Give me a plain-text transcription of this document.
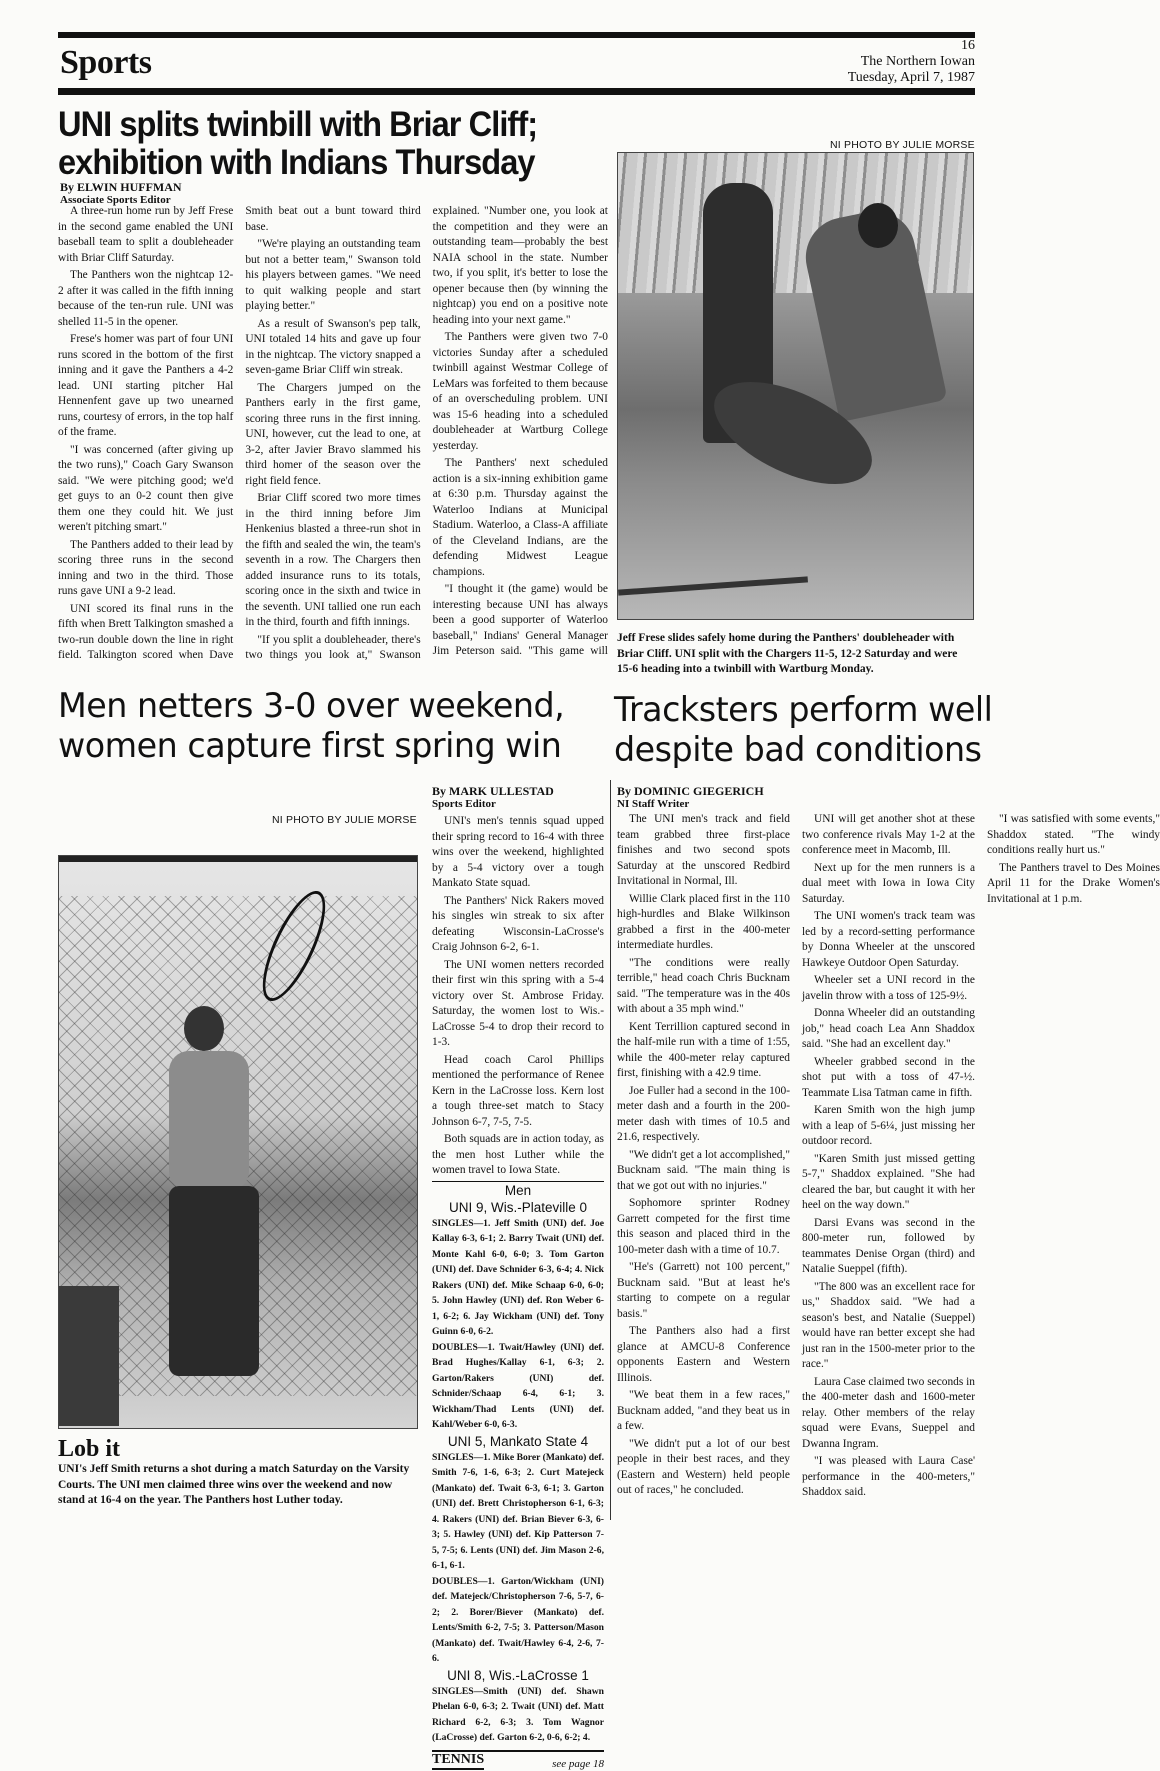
Sports	16
The Northern Iowan
Tuesday, April 7, 1987
UNI splits twinbill with Briar Cliff;
exhibition with Indians Thursday
By ELWIN HUFFMAN
Associate Sports Editor

A three-run home run by Jeff Frese in the second game enabled the UNI baseball team to split a doubleheader with Briar Cliff Saturday.

The Panthers won the nightcap 12-2 after it was called in the fifth inning because of the ten-run rule. UNI was shelled 11-5 in the opener.

Frese's homer was part of four UNI runs scored in the bottom of the first inning and it gave the Panthers a 4-2 lead. UNI starting pitcher Hal Hennenfent gave up two unearned runs, courtesy of errors, in the top half of the frame.

"I was concerned (after giving up the two runs)," Coach Gary Swanson said. "We were pitching good; we'd get guys to an 0-2 count then give them one they could hit. We just weren't pitching smart."

The Panthers added to their lead by scoring three runs in the second inning and two in the third. Those runs gave UNI a 9-2 lead.

UNI scored its final runs in the fifth when Brett Talkington smashed a two-run double down the line in right field. Talkington scored when Dave Smith beat out a bunt toward third base.

"We're playing an outstanding team but not a better team," Swanson told his players between games. "We need to quit walking people and start playing better."

As a result of Swanson's pep talk, UNI totaled 14 hits and gave up four in the nightcap. The victory snapped a seven-game Briar Cliff win streak.

The Chargers jumped on the Panthers early in the first game, scoring three runs in the first inning. UNI, however, cut the lead to one, at 3-2, after Javier Bravo slammed his third homer of the season over the right field fence.

Briar Cliff scored two more times in the third inning before Jim Henkenius blasted a three-run shot in the fifth and sealed the win, the team's seventh in a row. The Chargers then added insurance runs to its totals, scoring once in the sixth and twice in the seventh. UNI tallied one run each in the third, fourth and fifth innings.

"If you split a doubleheader, there's two things you look at," Swanson explained. "Number one, you look at the competition and they were an outstanding team—probably the best NAIA school in the state. Number two, if you split, it's better to lose the opener because then (by winning the nightcap) you end on a positive note heading into your next game."

The Panthers were given two 7-0 victories Sunday after a scheduled twinbill against Westmar College of LeMars was forfeited to them because of an overscheduling problem. UNI was 15-6 heading into a scheduled doubleheader at Wartburg College yesterday.

The Panthers' next scheduled action is a six-inning exhibition game at 6:30 p.m. Thursday against the Waterloo Indians at Municipal Stadium. Waterloo, a Class-A affiliate of the Cleveland Indians, are the defending Midwest League champions.

"I thought it (the game) would be interesting because UNI has always been a good supporter of Waterloo baseball," Indians' General Manager Jim Peterson said. "This game will

NI PHOTO BY JULIE MORSE
Jeff Frese slides safely home during the Panthers' doubleheader with Briar Cliff. UNI split with the Chargers 11-5, 12-2 Saturday and were 15-6 heading into a twinbill with Wartburg Monday.
Men netters 3-0 over weekend,
women capture first spring win
NI PHOTO BY JULIE MORSE
Lob it
UNI's Jeff Smith returns a shot during a match Saturday on the Varsity Courts. The UNI men claimed three wins over the weekend and now stand at 16-4 on the year. The Panthers host Luther today.
By MARK ULLESTAD
Sports Editor

UNI's men's tennis squad upped their spring record to 16-4 with three wins over the weekend, highlighted by a 5-4 victory over a tough Mankato State squad.

The Panthers' Nick Rakers moved his singles win streak to six after defeating Wisconsin-LaCrosse's Craig Johnson 6-2, 6-1.

The UNI women netters recorded their first win this spring with a 5-4 victory over St. Ambrose Friday. Saturday, the women lost to Wis.-LaCrosse 5-4 to drop their record to 1-3.

Head coach Carol Phillips mentioned the performance of Renee Kern in the LaCrosse loss. Kern lost a tough three-set match to Stacy Johnson 6-7, 7-5, 7-5.

Both squads are in action today, as the men host Luther while the women travel to Iowa State.

Men
UNI 9, Wis.-Plateville 0
SINGLES—1. Jeff Smith (UNI) def. Joe Kallay 6-3, 6-1; 2. Barry Twait (UNI) def. Monte Kahl 6-0, 6-0; 3. Tom Garton (UNI) def. Dave Schnider 6-3, 6-4; 4. Nick Rakers (UNI) def. Mike Schaap 6-0, 6-0; 5. John Hawley (UNI) def. Ron Weber 6-1, 6-2; 6. Jay Wickham (UNI) def. Tony Guinn 6-0, 6-2.
DOUBLES—1. Twait/Hawley (UNI) def. Brad Hughes/Kallay 6-1, 6-3; 2. Garton/Rakers (UNI) def. Schnider/Schaap 6-4, 6-1; 3. Wickham/Thad Lents (UNI) def. Kahl/Weber 6-0, 6-3.
UNI 5, Mankato State 4
SINGLES—1. Mike Borer (Mankato) def. Smith 7-6, 1-6, 6-3; 2. Curt Matejeck (Mankato) def. Twait 6-3, 6-1; 3. Garton (UNI) def. Brett Christopherson 6-1, 6-3; 4. Rakers (UNI) def. Brian Biever 6-3, 6-3; 5. Hawley (UNI) def. Kip Patterson 7-5, 7-5; 6. Lents (UNI) def. Jim Mason 2-6, 6-1, 6-1.
DOUBLES—1. Garton/Wickham (UNI) def. Matejeck/Christopherson 7-6, 5-7, 6-2; 2. Borer/Biever (Mankato) def. Lents/Smith 6-2, 7-5; 3. Patterson/Mason (Mankato) def. Twait/Hawley 6-4, 2-6, 7-6.
UNI 8, Wis.-LaCrosse 1
SINGLES—Smith (UNI) def. Shawn Phelan 6-0, 6-3; 2. Twait (UNI) def. Matt Richard 6-2, 6-3; 3. Tom Wagnor (LaCrosse) def. Garton 6-2, 0-6, 6-2; 4.
TENNIS	see page 18
Tracksters perform well
despite bad conditions
By DOMINIC GIEGERICH
NI Staff Writer

The UNI men's track and field team grabbed three first-place finishes and two second spots Saturday at the unscored Redbird Invitational in Normal, Ill.

Willie Clark placed first in the 110 high-hurdles and Blake Wilkinson grabbed a first in the 400-meter intermediate hurdles.

"The conditions were really terrible," head coach Chris Bucknam said. "The temperature was in the 40s with about a 35 mph wind."

Kent Terrillion captured second in the half-mile run with a time of 1:55, while the 400-meter relay captured first, finishing with a 42.9 time.

Joe Fuller had a second in the 100-meter dash and a fourth in the 200-meter dash with times of 10.5 and 21.6, respectively.

"We didn't get a lot accomplished," Bucknam said. "The main thing is that we got out with no injuries."

Sophomore sprinter Rodney Garrett competed for the first time this season and placed third in the 100-meter dash with a time of 10.7.

"He's (Garrett) not 100 percent," Bucknam said. "But at least he's starting to compete on a regular basis."

The Panthers also had a first glance at AMCU-8 Conference opponents Eastern and Western Illinois.

"We beat them in a few races," Bucknam added, "and they beat us in a few.

"We didn't put a lot of our best people in their best races, and they (Eastern and Western) held people out of races," he concluded.

UNI will get another shot at these two conference rivals May 1-2 at the conference meet in Macomb, Ill.

Next up for the men runners is a dual meet with Iowa in Iowa City Saturday.

The UNI women's track team was led by a record-setting performance by Donna Wheeler at the unscored Hawkeye Outdoor Open Saturday.

Wheeler set a UNI record in the javelin throw with a toss of 125-9½.

Donna Wheeler did an outstanding job," head coach Lea Ann Shaddox said. "She had an excellent day."

Wheeler grabbed second in the shot put with a toss of 47-½. Teammate Lisa Tatman came in fifth.

Karen Smith won the high jump with a leap of 5-6¼, just missing her outdoor record.

"Karen Smith just missed getting 5-7," Shaddox explained. "She had cleared the bar, but caught it with her heel on the way down."

Darsi Evans was second in the 800-meter run, followed by teammates Denise Organ (third) and Natalie Sueppel (fifth).

"The 800 was an excellent race for us," Shaddox said. "We had a season's best, and Natalie (Sueppel) would have ran better except she had just ran in the 1500-meter prior to the race."

Laura Case claimed two seconds in the 400-meter dash and 1600-meter relay. Other members of the relay squad were Evans, Sueppel and Dwanna Ingram.

"I was pleased with Laura Case' performance in the 400-meters," Shaddox said.

"I was satisfied with some events," Shaddox stated. "The windy conditions really hurt us."

The Panthers travel to Des Moines April 11 for the Drake Women's Invitational at 1 p.m.
